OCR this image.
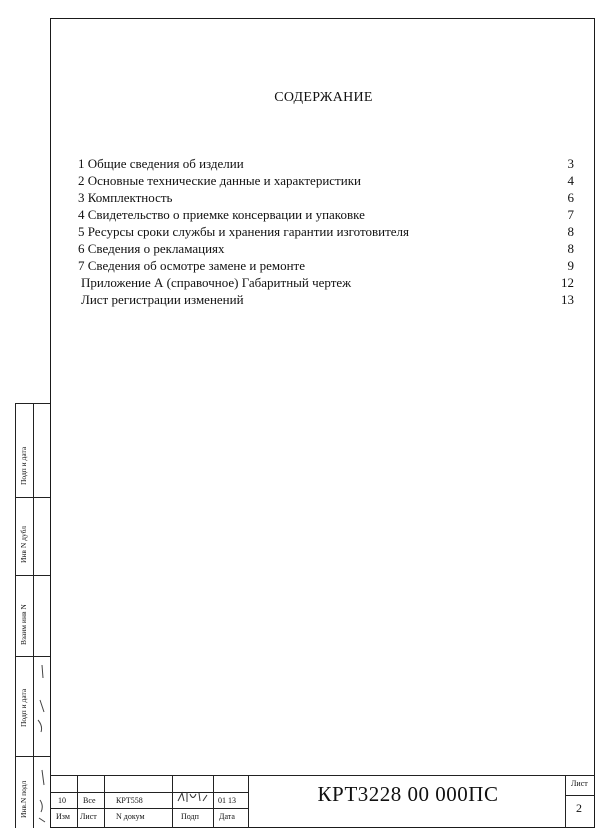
СОДЕРЖАНИЕ
1 Общие сведения об изделии	3
2 Основные технические данные и характеристики	4
3 Комплектность	6
4 Свидетельство о приемке консервации и упаковке	7
5 Ресурсы сроки службы и хранения гарантии изготовителя	8
6 Сведения о рекламациях	8
7 Сведения об осмотре замене и ремонте	9
Приложение А (справочное) Габаритный чертеж	12
Лист регистрации изменений	13
Подп и дата
Инв N дубл
Взаим инв N
Подп и дата
Инв.N подл	10 Все	КРТ558	01 13
Изм Лист N докум	Подп	Дата
КРТ3228 00 000ПС	Лист
2
